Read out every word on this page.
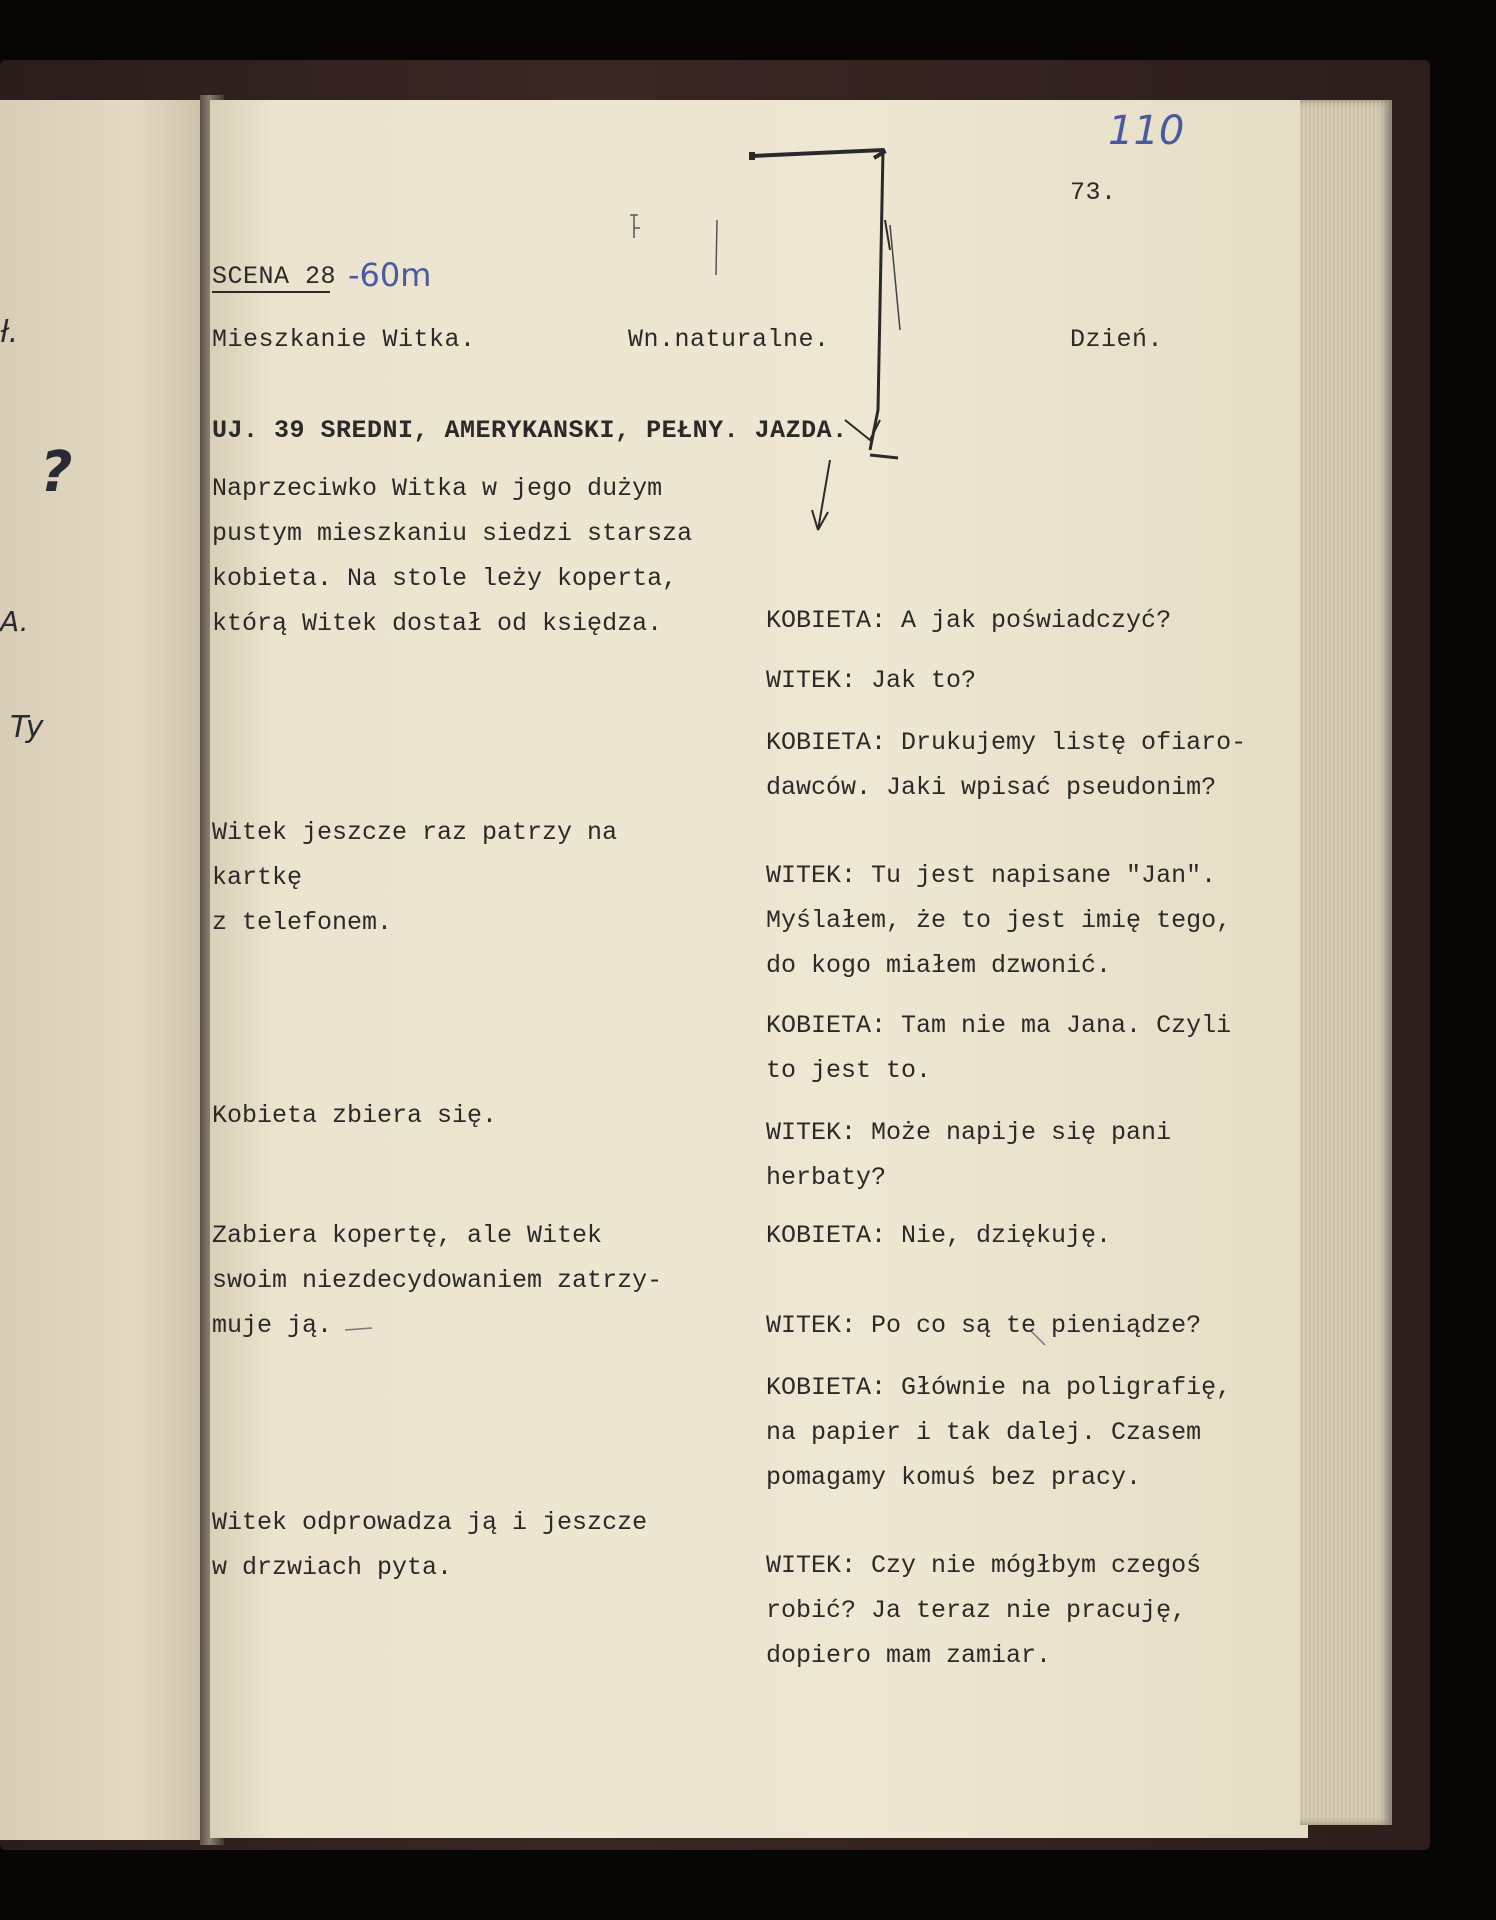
ł.
?
A.
Ty
110
73.
SCENA 28 -60m
Mieszkanie Witka.	Wn.naturalne.	Dzień.
UJ. 39 SREDNI, AMERYKANSKI, PEŁNY. JAZDA.
Naprzeciwko Witka w jego dużym
pustym mieszkaniu siedzi starsza
kobieta. Na stole leży koperta,
którą Witek dostał od księdza.
Witek jeszcze raz patrzy na kartkę
z telefonem.
Kobieta zbiera się.
Zabiera kopertę, ale Witek
swoim niezdecydowaniem zatrzy-
muje ją.
Witek odprowadza ją i jeszcze
w drzwiach pyta.
KOBIETA: A jak poświadczyć?
WITEK: Jak to?
KOBIETA: Drukujemy listę ofiaro-
dawców. Jaki wpisać pseudonim?
WITEK: Tu jest napisane "Jan".
Myślałem, że to jest imię tego,
do kogo miałem dzwonić.
KOBIETA: Tam nie ma Jana. Czyli
to jest to.
WITEK: Może napije się pani
herbaty?
KOBIETA: Nie, dziękuję.
WITEK: Po co są te pieniądze?
KOBIETA: Głównie na poligrafię,
na papier i tak dalej. Czasem
pomagamy komuś bez pracy.
WITEK: Czy nie mógłbym czegoś
robić? Ja teraz nie pracuję,
dopiero mam zamiar.
